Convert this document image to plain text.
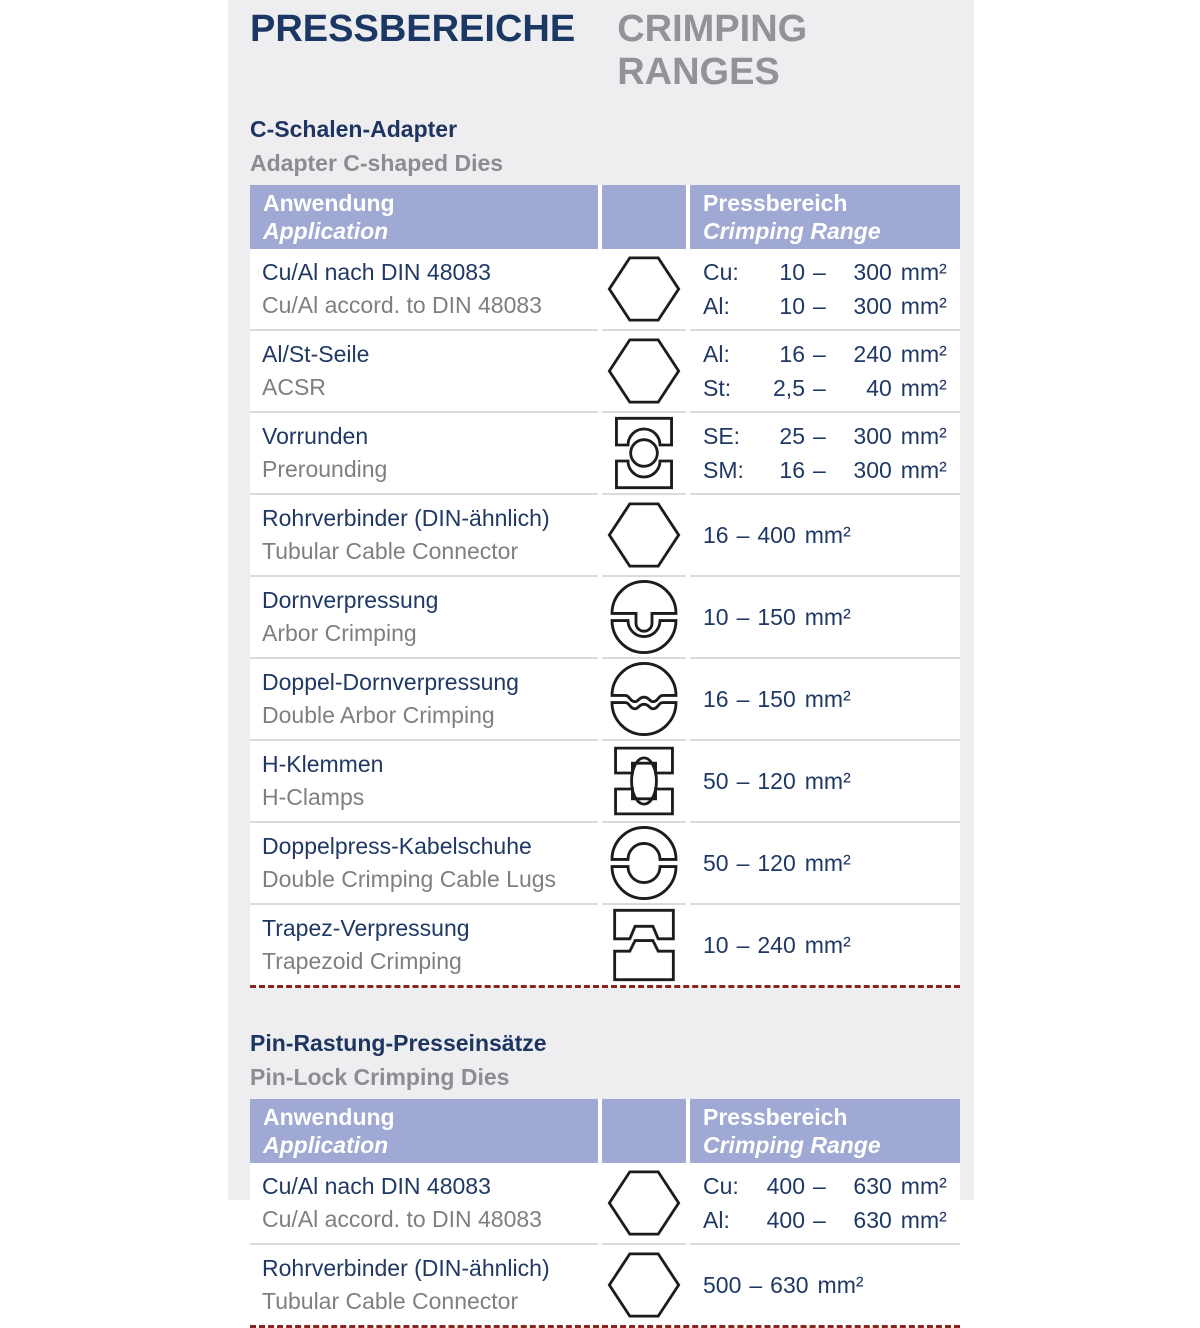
PRESSBEREICHE CRIMPING RANGES
C-Schalen-Adapter
Adapter C-shaped Dies
Anwendung
Application
Pressbereich
Crimping Range
Cu/Al nach DIN 48083
Cu/Al accord. to DIN 48083
Cu:	10 –	300 mm²
Al:	10 –	300 mm²
Al/St-Seile
ACSR
Al:	16 –	240 mm²
St:	2,5 –	40 mm²
Vorrunden
Prerounding
SE:	25 –	300 mm²
SM:	16 –	300 mm²
Rohrverbinder (DIN-ähnlich)
Tubular Cable Connector
16 – 400 mm²
Dornverpressung
Arbor Crimping
10 – 150 mm²
Doppel-Dornverpressung
Double Arbor Crimping
16 – 150 mm²
H-Klemmen
H-Clamps
50 – 120 mm²
Doppelpress-Kabelschuhe
Double Crimping Cable Lugs
50 – 120 mm²
Trapez-Verpressung
Trapezoid Crimping
10 – 240 mm²
Pin-Rastung-Presseinsätze
Pin-Lock Crimping Dies
Anwendung
Application
Pressbereich
Crimping Range
Cu/Al nach DIN 48083
Cu/Al accord. to DIN 48083
Cu:	400 –	630 mm²
Al:	400 –	630 mm²
Rohrverbinder (DIN-ähnlich)
Tubular Cable Connector
500 – 630 mm²
